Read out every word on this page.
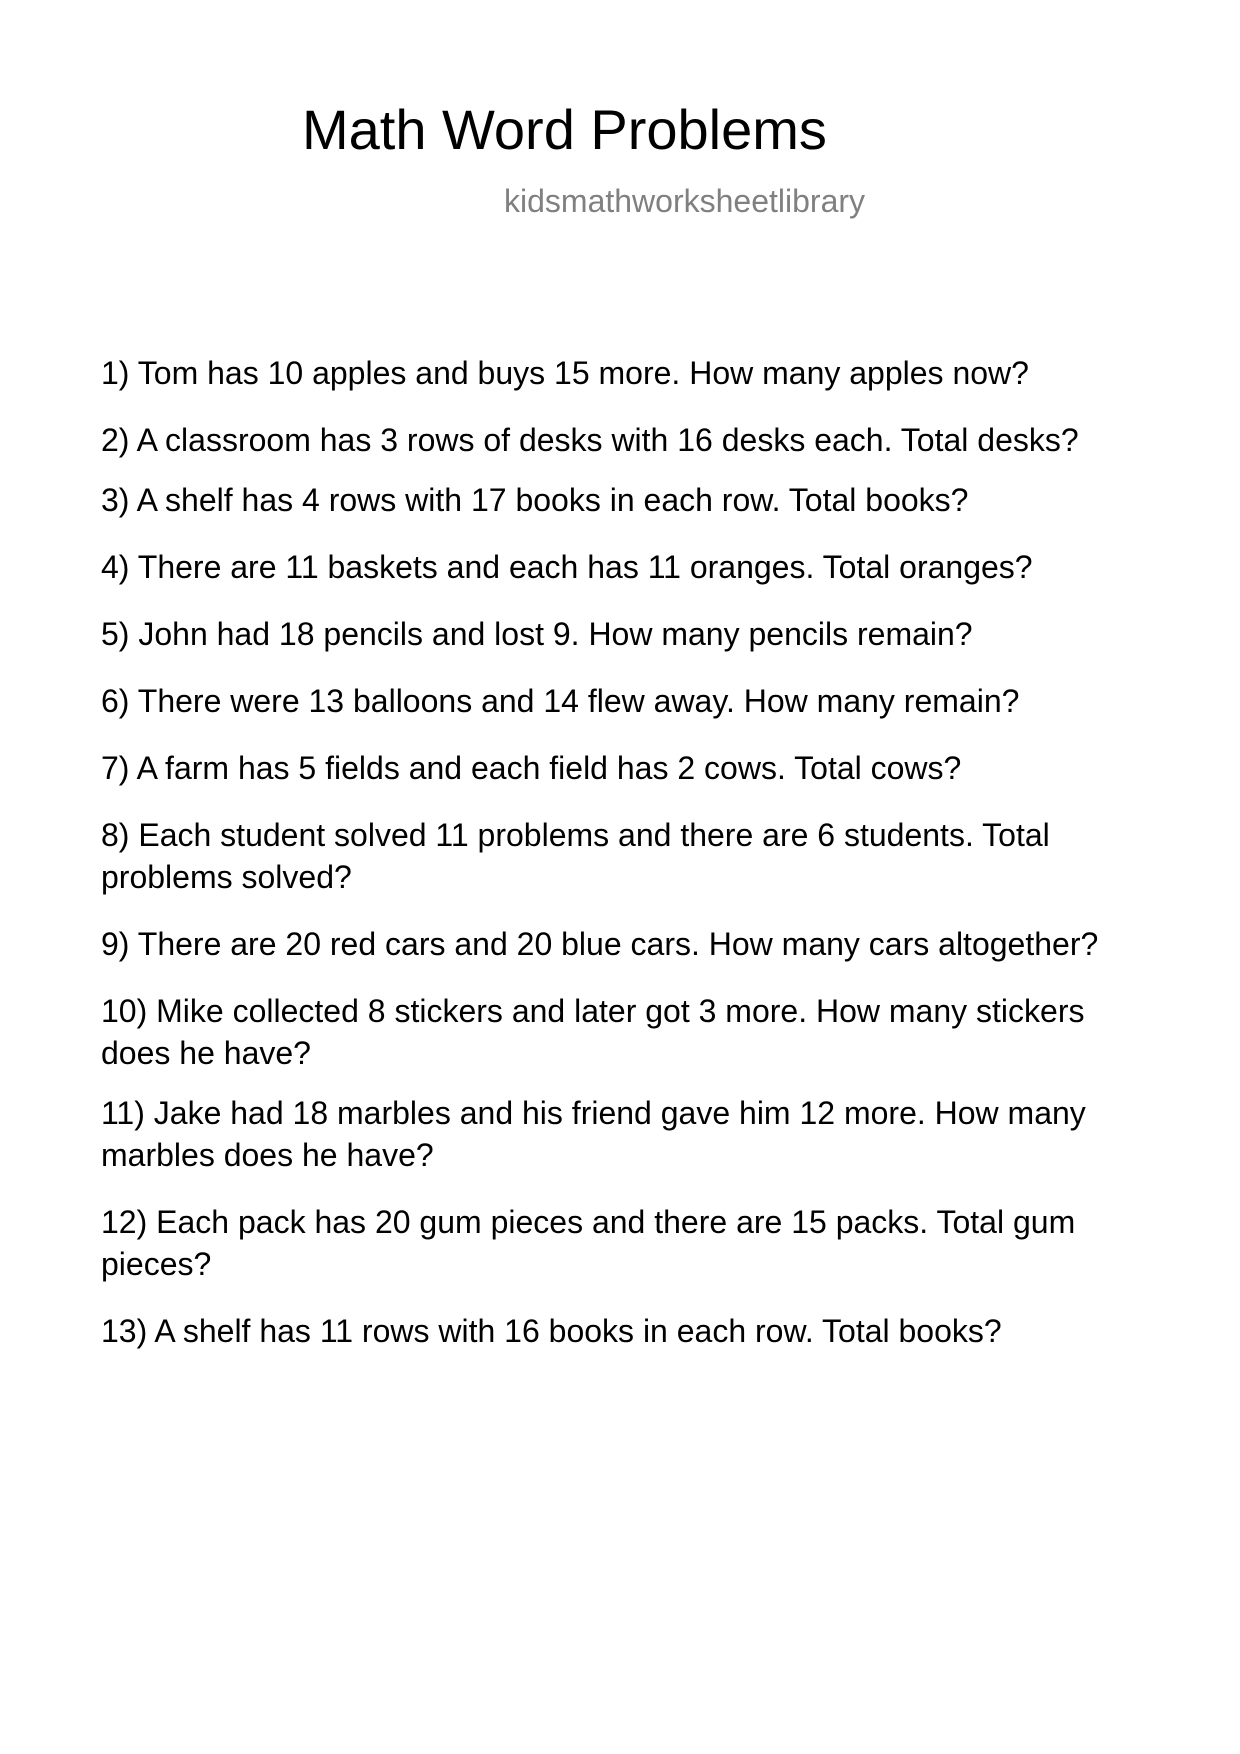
Math Word Problems
kidsmathworksheetlibrary
1) Tom has 10 apples and buys 15 more. How many apples now?
2) A classroom has 3 rows of desks with 16 desks each. Total desks?
3) A shelf has 4 rows with 17 books in each row. Total books?
4) There are 11 baskets and each has 11 oranges. Total oranges?
5) John had 18 pencils and lost 9. How many pencils remain?
6) There were 13 balloons and 14 flew away. How many remain?
7) A farm has 5 fields and each field has 2 cows. Total cows?
8) Each student solved 11 problems and there are 6 students. Total problems solved?
9) There are 20 red cars and 20 blue cars. How many cars altogether?
10) Mike collected 8 stickers and later got 3 more. How many stickers does he have?
11) Jake had 18 marbles and his friend gave him 12 more. How many marbles does he have?
12) Each pack has 20 gum pieces and there are 15 packs. Total gum pieces?
13) A shelf has 11 rows with 16 books in each row. Total books?
